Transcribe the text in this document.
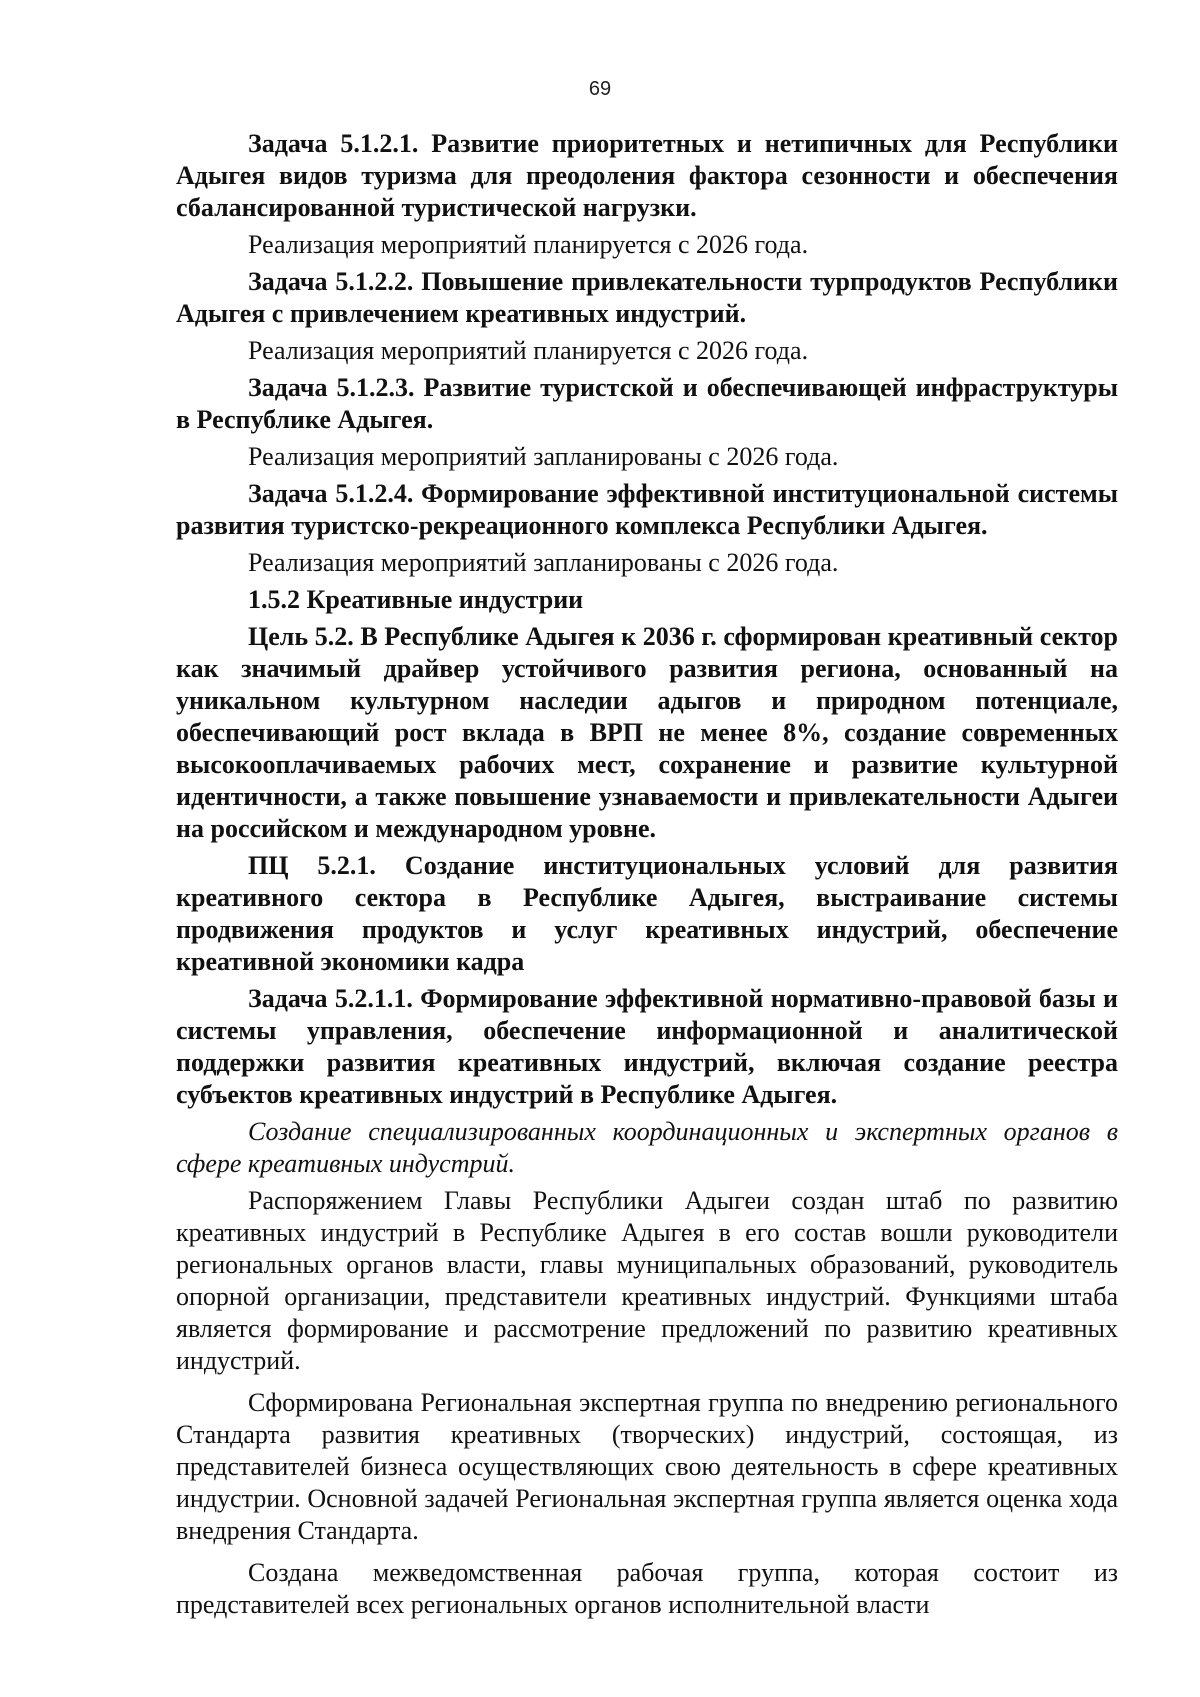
69

Задача 5.1.2.1. Развитие приоритетных и нетипичных для Республики Адыгея видов туризма для преодоления фактора сезонности и обеспечения сбалансированной туристической нагрузки.

Реализация мероприятий планируется с 2026 года.

Задача 5.1.2.2. Повышение привлекательности турпродуктов Республики Адыгея с привлечением креативных индустрий.

Реализация мероприятий планируется с 2026 года.

Задача 5.1.2.3. Развитие туристской и обеспечивающей инфраструктуры в Республике Адыгея.

Реализация мероприятий запланированы с 2026 года.

Задача 5.1.2.4. Формирование эффективной институциональной системы развития туристско-рекреационного комплекса Республики Адыгея.

Реализация мероприятий запланированы с 2026 года.

1.5.2 Креативные индустрии

Цель 5.2. В Республике Адыгея к 2036 г. сформирован креативный сектор как значимый драйвер устойчивого развития региона, основанный на уникальном культурном наследии адыгов и природном потенциале, обеспечивающий рост вклада в ВРП не менее 8%, создание современных высокооплачиваемых рабочих мест, сохранение и развитие культурной идентичности, а также повышение узнаваемости и привлекательности Адыгеи на российском и международном уровне.

ПЦ 5.2.1. Создание институциональных условий для развития креативного сектора в Республике Адыгея, выстраивание системы продвижения продуктов и услуг креативных индустрий, обеспечение креативной экономики кадра

Задача 5.2.1.1. Формирование эффективной нормативно-правовой базы и системы управления, обеспечение информационной и аналитической поддержки развития креативных индустрий, включая создание реестра субъектов креативных индустрий в Республике Адыгея.

Создание специализированных координационных и экспертных органов в сфере креативных индустрий.

Распоряжением Главы Республики Адыгеи создан штаб по развитию креативных индустрий в Республике Адыгея в его состав вошли руководители региональных органов власти, главы муниципальных образований, руководитель опорной организации, представители креативных индустрий. Функциями штаба является формирование и рассмотрение предложений по развитию креативных индустрий.

Сформирована Региональная экспертная группа по внедрению регионального Стандарта развития креативных (творческих) индустрий, состоящая, из представителей бизнеса осуществляющих свою деятельность в сфере креативных индустрии. Основной задачей Региональная экспертная группа является оценка хода внедрения Стандарта.

Создана межведомственная рабочая группа, которая состоит из представителей всех региональных органов исполнительной власти
